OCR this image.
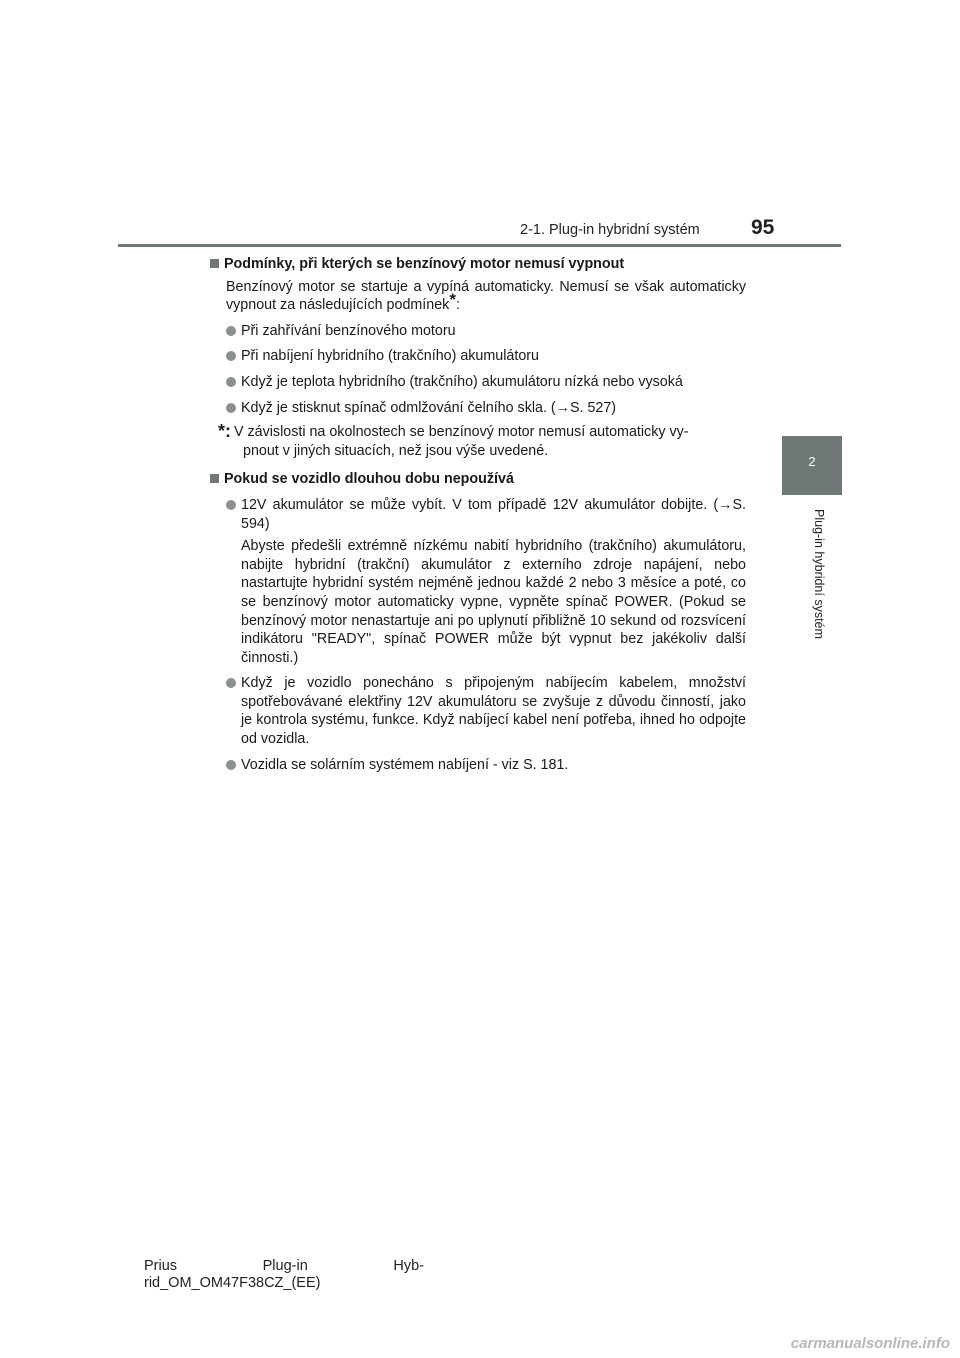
2-1. Plug-in hybridní systém 95
2
Plug-in hybridní systém
Podmínky, při kterých se benzínový motor nemusí vypnout
Benzínový motor se startuje a vypíná automaticky. Nemusí se však automaticky vypnout za následujících podmínek*:
Při zahřívání benzínového motoru
Při nabíjení hybridního (trakčního) akumulátoru
Když je teplota hybridního (trakčního) akumulátoru nízká nebo vysoká
Když je stisknut spínač odmlžování čelního skla. (→S. 527)
*: V závislosti na okolnostech se benzínový motor nemusí automaticky vy-
pnout v jiných situacích, než jsou výše uvedené.
Pokud se vozidlo dlouhou dobu nepoužívá
12V akumulátor se může vybít. V tom případě 12V akumulátor dobijte. (→S. 594)
Abyste předešli extrémně nízkému nabití hybridního (trakčního) akumulátoru, nabijte hybridní (trakční) akumulátor z externího zdroje napájení, nebo nastartujte hybridní systém nejméně jednou každé 2 nebo 3 měsíce a poté, co se benzínový motor automaticky vypne, vypněte spínač POWER. (Pokud se benzínový motor nenastartuje ani po uplynutí přibližně 10 sekund od rozsvícení indikátoru "READY", spínač POWER může být vypnut bez jakékoliv další činnosti.)
Když je vozidlo ponecháno s připojeným nabíjecím kabelem, množství spotřebovávané elektřiny 12V akumulátoru se zvyšuje z důvodu činností, jako je kontrola systému, funkce. Když nabíjecí kabel není potřeba, ihned ho odpojte od vozidla.
Vozidla se solárním systémem nabíjení - viz S. 181.
Prius	Plug-in	Hyb-
rid_OM_OM47F38CZ_(EE)
carmanualsonline.info
